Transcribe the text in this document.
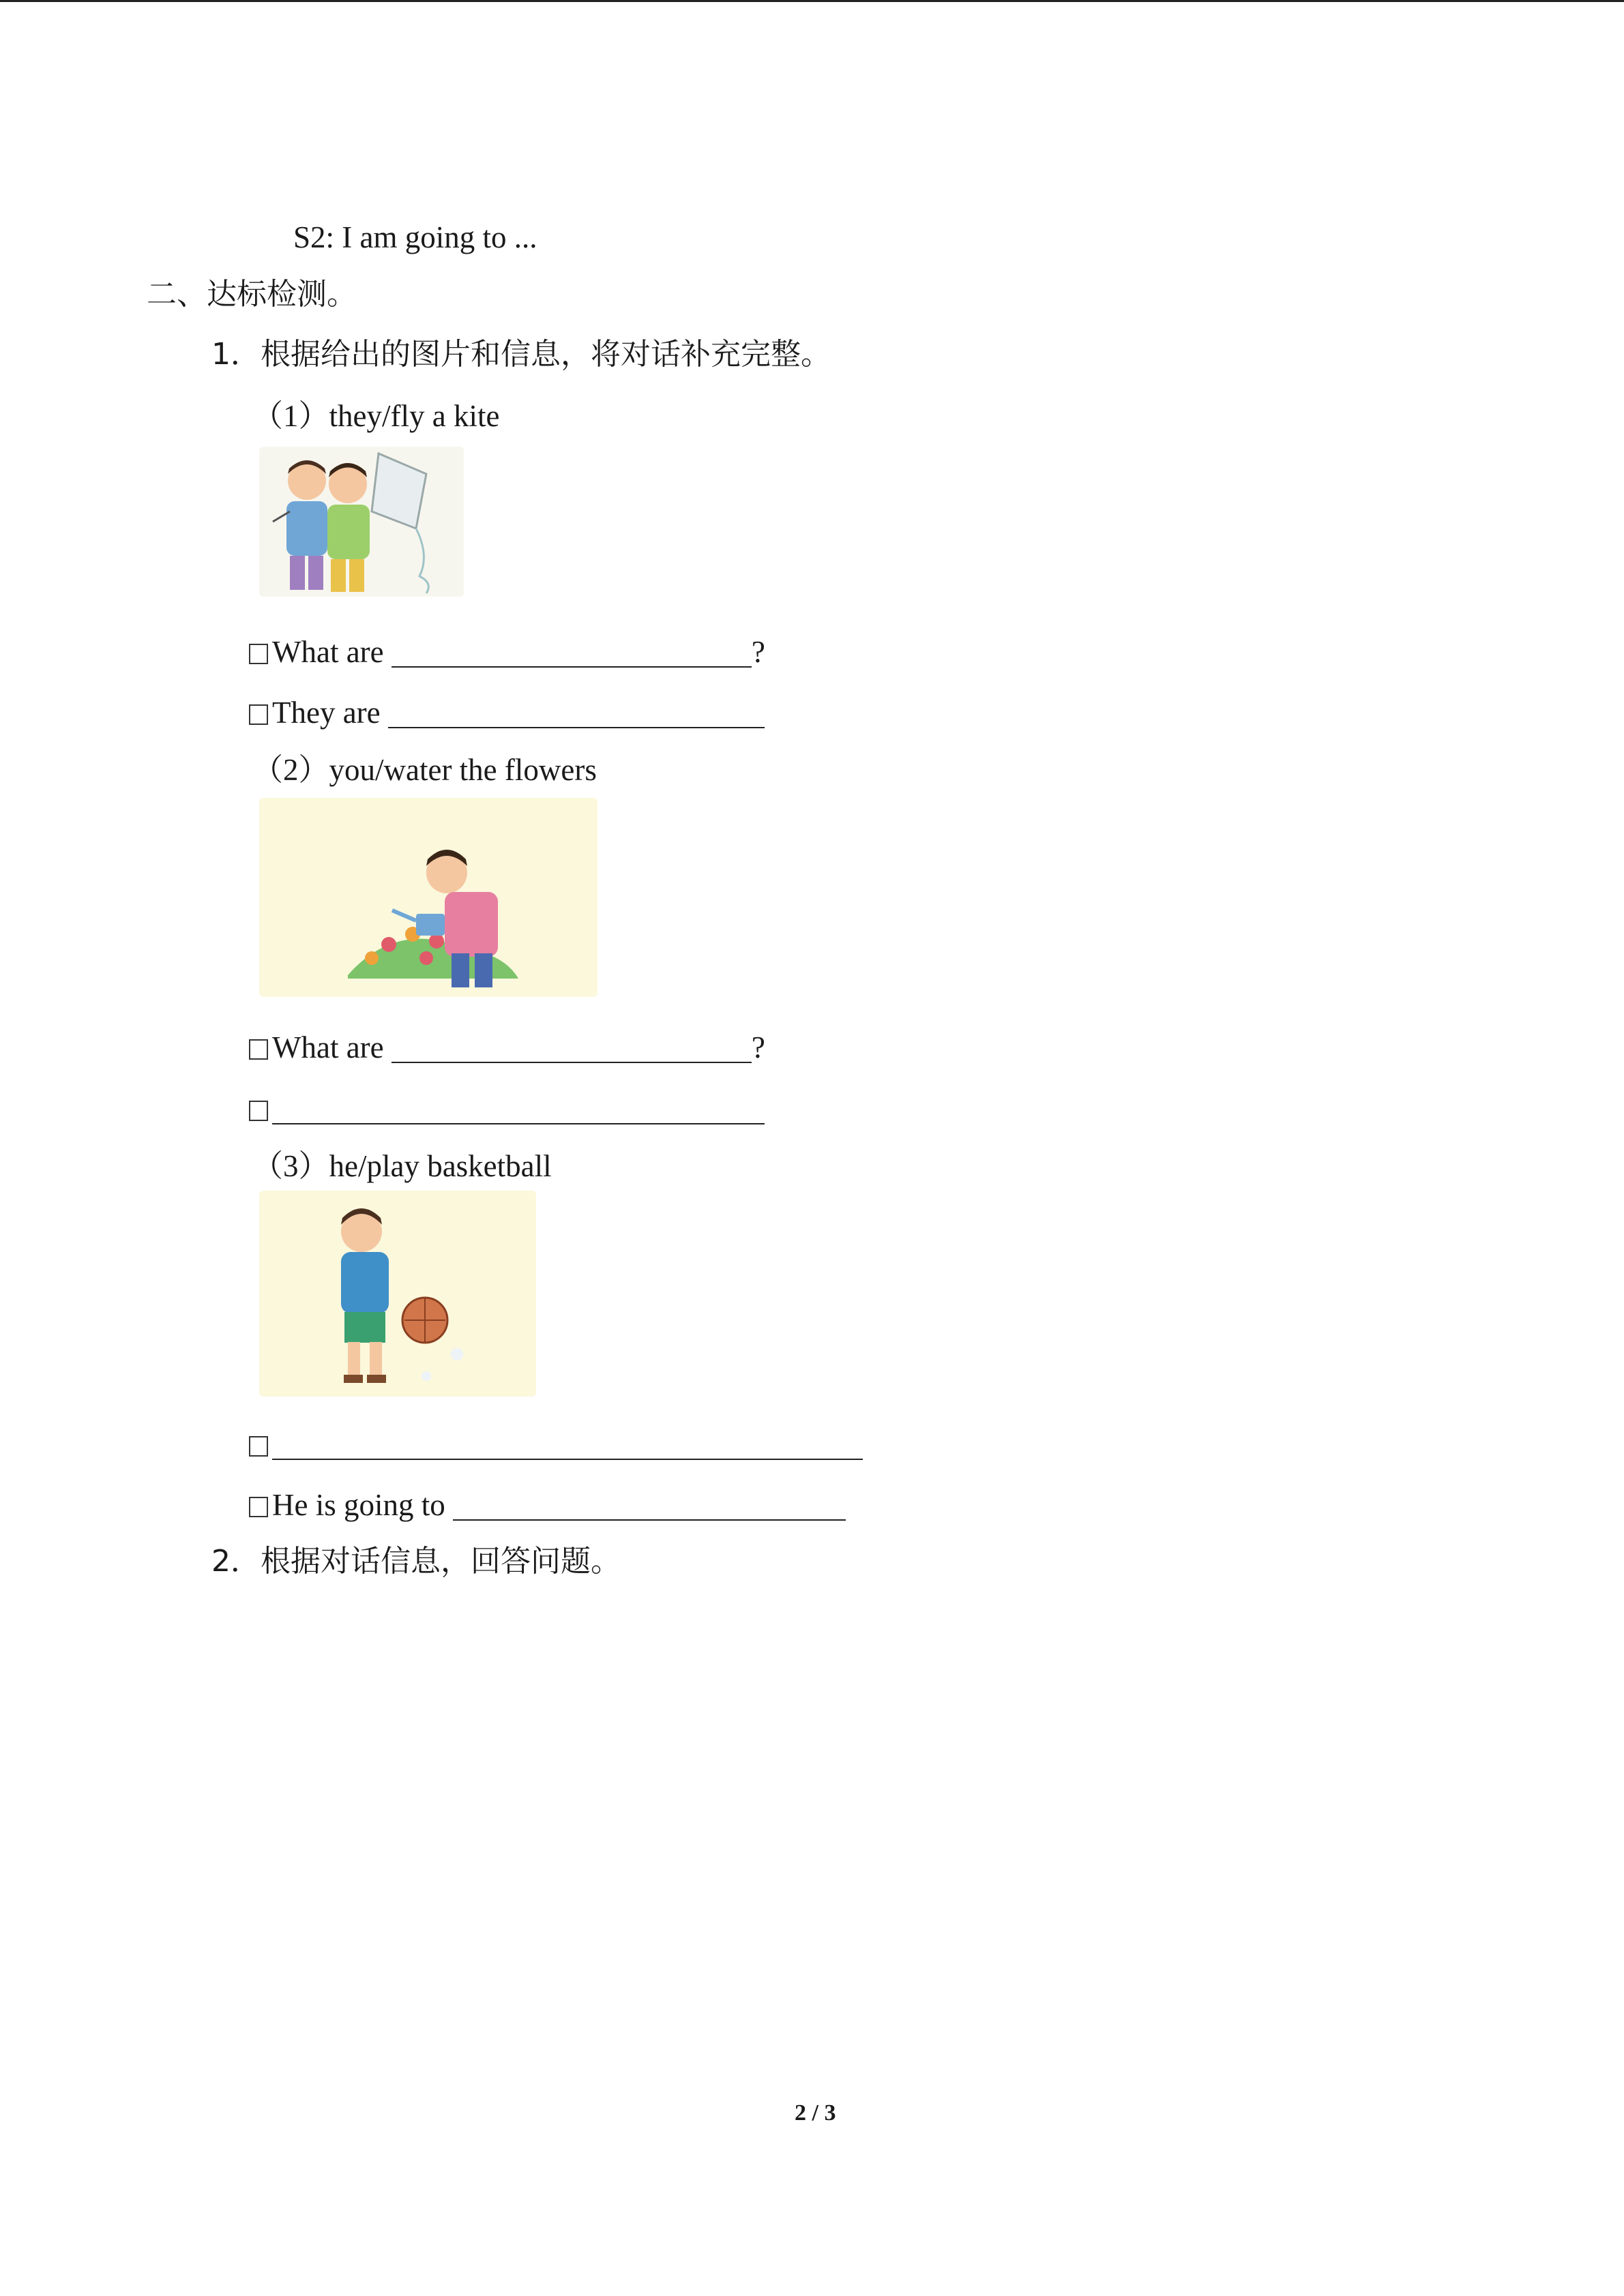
S2: I am going to ...
二、达标检测。
1．根据给出的图片和信息，将对话补充完整。
（1）they/fly a kite
What are	?
They are
（2）you/water the flowers
What are	?
（3）he/play basketball
He is going to
2．根据对话信息，回答问题。
2 / 3
